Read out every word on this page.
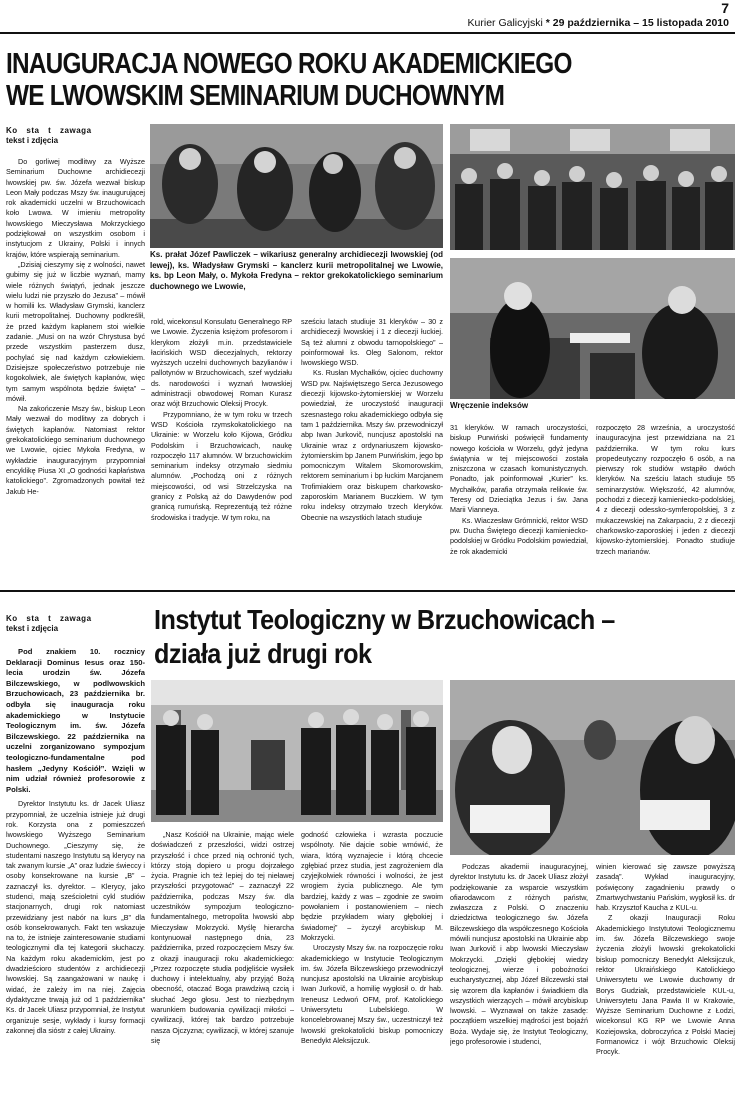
7
Kurier Galicyjski * 29 października – 15 listopada 2010
INAUGURACJA NOWEGO ROKU AKADEMICKIEGO
WE LWOWSKIM SEMINARIUM DUCHOWNYM
Ko sta t zawaga
tekst i zdjęcia
Ks. prałat Józef Pawliczek – wikariusz generalny archidiecezji lwowskiej (od lewej), ks. Władysław Grymski – kanclerz kurii metropolitalnej we Lwowie, ks. bp Leon Mały, o. Mykoła Fredyna – rektor grekokatolickiego seminarium duchownego we Lwowie,
Wręczenie indeksów

Do gorliwej modlitwy za Wyższe Seminarium Duchowne archidiecezji lwowskiej pw. św. Józefa wezwał biskup Leon Mały podczas Mszy św. inaugurującej rok akademicki uczelni w Brzuchowicach koło Lwowa. W imieniu metropolity lwowskiego Mieczysława Mokrzyckiego podziękował on wszystkim osobom i instytucjom z Ukrainy, Polski i innych krajów, które wspierają seminarium.

„Dzisiaj cieszymy się z wolności, nawet gubimy się już w liczbie wyznań, mamy wiele różnych świątyń, jednak jeszcze wielu ludzi nie przyszło do Jezusa” – mówił w homilii ks. Władysław Grymski, kanclerz kurii metropolitalnej. Duchowny podkreślił, że przed każdym kapłanem stoi wielkie zadanie. „Musi on na wzór Chrystusa być przede wszystkim pasterzem dusz, pochylać się nad każdym człowiekiem. Dzisiejsze społeczeństwo potrzebuje nie kogokolwiek, ale świętych kapłanów, więc tym samym wspólnota będzie święta” – mówił.

Na zakończenie Mszy św., biskup Leon Mały wezwał do modlitwy za dobrych i świętych kapłanów. Natomiast rektor grekokatolickiego seminarium duchownego we Lwowie, ojciec Mykoła Fredyna, w wykładzie inauguracyjnym przypomniał encyklikę Piusa XI „O godności kapłaństwa katolickiego”. Zgromadzonych powitał też Jakub He-

rold, wicekonsul Konsulatu Generalnego RP we Lwowie. Życzenia księżom profesorom i klerykom złożyli m.in. przedstawiciele łacińskich WSD diecezjalnych, rektorzy wyższych uczelni duchownych bazylianów i pallotynów w Brzuchowicach, szef wydziału ds. narodowości i wyznań lwowskiej administracji obwodowej Roman Kurasz oraz wójt Brzuchowic Oleksij Procyk.

Przypomniano, że w tym roku w trzech WSD Kościoła rzymskokatolickiego na Ukrainie: w Worzelu koło Kijowa, Gródku Podolskim i Brzuchowicach, naukę rozpoczęło 117 alumnów. W brzuchowickim seminarium indeksy otrzymało siedmiu alumnów. „Pochodzą oni z różnych miejscowości, od wsi Strzelczyska na granicy z Polską aż do Dawydenów pod granicą rumuńską. Reprezentują też różne środowiska i tradycje. W tym roku, na

sześciu latach studiuje 31 kleryków – 30 z archidiecezji lwowskiej i 1 z diecezji łuckiej. Są też alumni z obwodu tarnopolskiego” – poinformował ks. Oleg Salonom, rektor lwowskiego WSD.

Ks. Rusłan Mychałków, ojciec duchowny WSD pw. Najświętszego Serca Jezusowego diecezji kijowsko-żytomierskiej w Worzelu powiedział, że uroczystość inauguracji szesnastego roku akademickiego odbyła się tam 1 października. Mszy św. przewodniczył abp Iwan Jurkovič, nuncjusz apostolski na Ukrainie wraz z ordynariuszem kijowsko-żytomierskim bp Janem Purwińskim, jego bp pomocniczym Witalem Skomorowskim, rektorem seminarium i bp łuckim Marcjanem Trofimiakiem oraz biskupem charkowsko-zaporoskim Marianem Buczkiem. W tym roku indeksy otrzymało trzech kleryków. Obecnie na wszystkich latach studiuje

31 kleryków. W ramach uroczystości, biskup Purwiński poświęcił fundamenty nowego kościoła w Worzelu, gdyż jedyna świątynia w tej miejscowości została zniszczona w czasach komunistycznych. Ponadto, jak poinformował „Kurier” ks. Mychałków, parafia otrzymała relikwie św. Teresy od Dzieciątka Jezus i św. Jana Marii Vianneya.

Ks. Wiaczesław Grómnicki, rektor WSD pw. Ducha Świętego diecezji kamieniecko-podolskiej w Gródku Podolskim powiedział, że rok akademicki

rozpoczęto 28 września, a uroczystość inauguracyjna jest przewidziana na 21 października. W tym roku kurs propedeutyczny rozpoczęło 6 osób, a na pierwszy rok studiów wstąpiło dwóch kleryków. Na sześciu latach studiuje 55 seminarzystów. Większość, 42 alumnów, pochodzi z diecezji kamieniecko-podolskiej, 4 z diecezji odessko-symferopolskiej, 3 z mukaczewskiej na Zakarpaciu, 2 z diecezji charkowsko-zaporoskiej i jeden z diecezji kijowsko-żytomierskiej. Ponadto studiuje trzech marianów.

Ko sta t zawaga
tekst i zdjęcia	Instytut Teologiczny w Brzuchowicach –
działa już drugi rok

Pod znakiem 10. rocznicy Deklaracji Dominus Iesus oraz 150-lecia urodzin św. Józefa Bilczewskiego, w podlwowskich Brzuchowicach, 23 października br. odbyła się inauguracja roku akademickiego w Instytucie Teologicznym im. św. Józefa Bilczewskiego. 22 października na uczelni zorganizowano sympozjum teologiczno-fundamentalne pod hasłem „Jedyny Kościół”. Wzięli w nim udział również profesorowie z Polski.

Dyrektor Instytutu ks. dr Jacek Uliasz przypomniał, że uczelnia istnieje już drugi rok. Korzysta ona z pomieszczeń lwowskiego Wyższego Seminarium Duchownego. „Cieszymy się, że studentami naszego Instytutu są klerycy na tak zwanym kursie „A” oraz ludzie świeccy i osoby konsekrowane na kursie „B” – zaznaczył ks. dyrektor. – Klerycy, jako studenci, mają sześcioletni cykl studiów stacjonarnych, drugi rok natomiast przewidziany jest nabór na kurs „B” dla osób konsekrowanych. Fakt ten wskazuje na to, że istnieje zainteresowanie studiami teologicznymi dla tej kategorii słuchaczy. Na każdym roku akademickim, jest po dwadzieścioro studentów z archidiecezji lwowskiej. Są zaangażowani w naukę i widać, że zależy im na niej. Zajęcia dydaktyczne trwają już od 1 października” Ks. dr Jacek Uliasz przypomniał, że Instytut organizuje sesje, wykłady i kursy formacji zakonnej dla sióstr z całej Ukrainy.

„Nasz Kościół na Ukrainie, mając wiele doświadczeń z przeszłości, widzi ostrzej przyszłość i chce przed nią ochronić tych, którzy stoją dopiero u progu dojrzałego życia. Pragnie ich też lepiej do tej nieławej przyszłości przygotować” – zaznaczył 22 października, podczas Mszy św. dla uczestników sympozjum teologiczno-fundamentalnego, metropolita lwowski abp Mieczysław Mokrzycki. Myślę hierarcha kontynuował następnego dnia, 23 października, przed rozpoczęciem Mszy św. z okazji inauguracji roku akademickiego: „Przez rozpoczęte studia podjęliście wysiłek duchowy i intelektualny, aby przyjąć Bożą obecność, otaczać Boga prawdziwą czcią i słuchać Jego głosu. Jest to niezbędnym warunkiem budowania cywilizacji miłości – cywilizacji, której tak bardzo potrzebuje nasza Ojczyzna; cywilizacji, w której szanuje się

godność człowieka i wzrasta poczucie wspólnoty. Nie dajcie sobie wmówić, że wiara, którą wyznajecie i którą chcecie zgłębiać przez studia, jest zagrożeniem dla czyjejkolwiek równości i wolności, że jest wrogiem życia publicznego. Ale tym bardziej, każdy z was – zgodnie ze swoim powołaniem i postanowieniem – niech będzie przykładem wiary głębokiej i świadomej” – życzył arcybiskup M. Mokrzycki.

Uroczysty Mszy św. na rozpoczęcie roku akademickiego w Instytucie Teologicznym im. św. Józefa Bilczewskiego przewodniczył nuncjusz apostolski na Ukrainie arcybiskup Iwan Jurkovič, a homilię wygłosił o. dr hab. Ireneusz Ledwoń OFM, prof. Katolickiego Uniwersytetu Lubelskiego. W koncelebrowanej Mszy św., uczestniczył też lwowski grekokatolicki biskup pomocniczy Benedykt Aleksijczuk.

Podczas akademii inauguracyjnej, dyrektor Instytutu ks. dr Jacek Uliasz złożył podziękowanie za wsparcie wszystkim ofiarodawcom z różnych państw, zwłaszcza z Polski. O znaczeniu dziedzictwa teologicznego św. Józefa Bilczewskiego dla współczesnego Kościoła mówili nuncjusz apostolski na Ukrainie abp Iwan Jurkovič i abp lwowski Mieczysław Mokrzycki. „Dzięki głębokiej wiedzy teologicznej, wierze i pobożności eucharystycznej, abp Józef Bilczewski stał się wzorem dla kapłanów i świadkiem dla wszystkich wierzących – mówił arcybiskup lwowski. – Wyznawał on także zasadę: początkiem wszelkiej mądrości jest bojaźń Boża. Wydaje się, że Instytut Teologiczny, jego profesorowie i studenci,

winien kierować się zawsze powyższą zasadą”. Wykład inauguracyjny, poświęcony zagadnieniu prawdy o Zmartwychwstaniu Pańskim, wygłosił ks. dr hab. Krzysztof Kaucha z KUL-u.

Z okazji Inauguracji Roku Akademickiego Instytutowi Teologicznemu im. św. Józefa Bilczewskiego swoje życzenia złożyli lwowski grekokatolicki biskup pomocniczy Benedykt Aleksijczuk, rektor Ukraińskiego Katolickiego Uniwersytetu we Lwowie duchowny dr Borys Gudziak, przedstawiciele KUL-u, Uniwersytetu Jana Pawła II w Krakowie, Wyższe Seminarium Duchowne z Łodzi, wicekonsul KG RP we Lwowie Anna Koziejowska, dobroczyńca z Polski Maciej Formanowicz i wójt Brzuchowic Oleksij Procyk.
